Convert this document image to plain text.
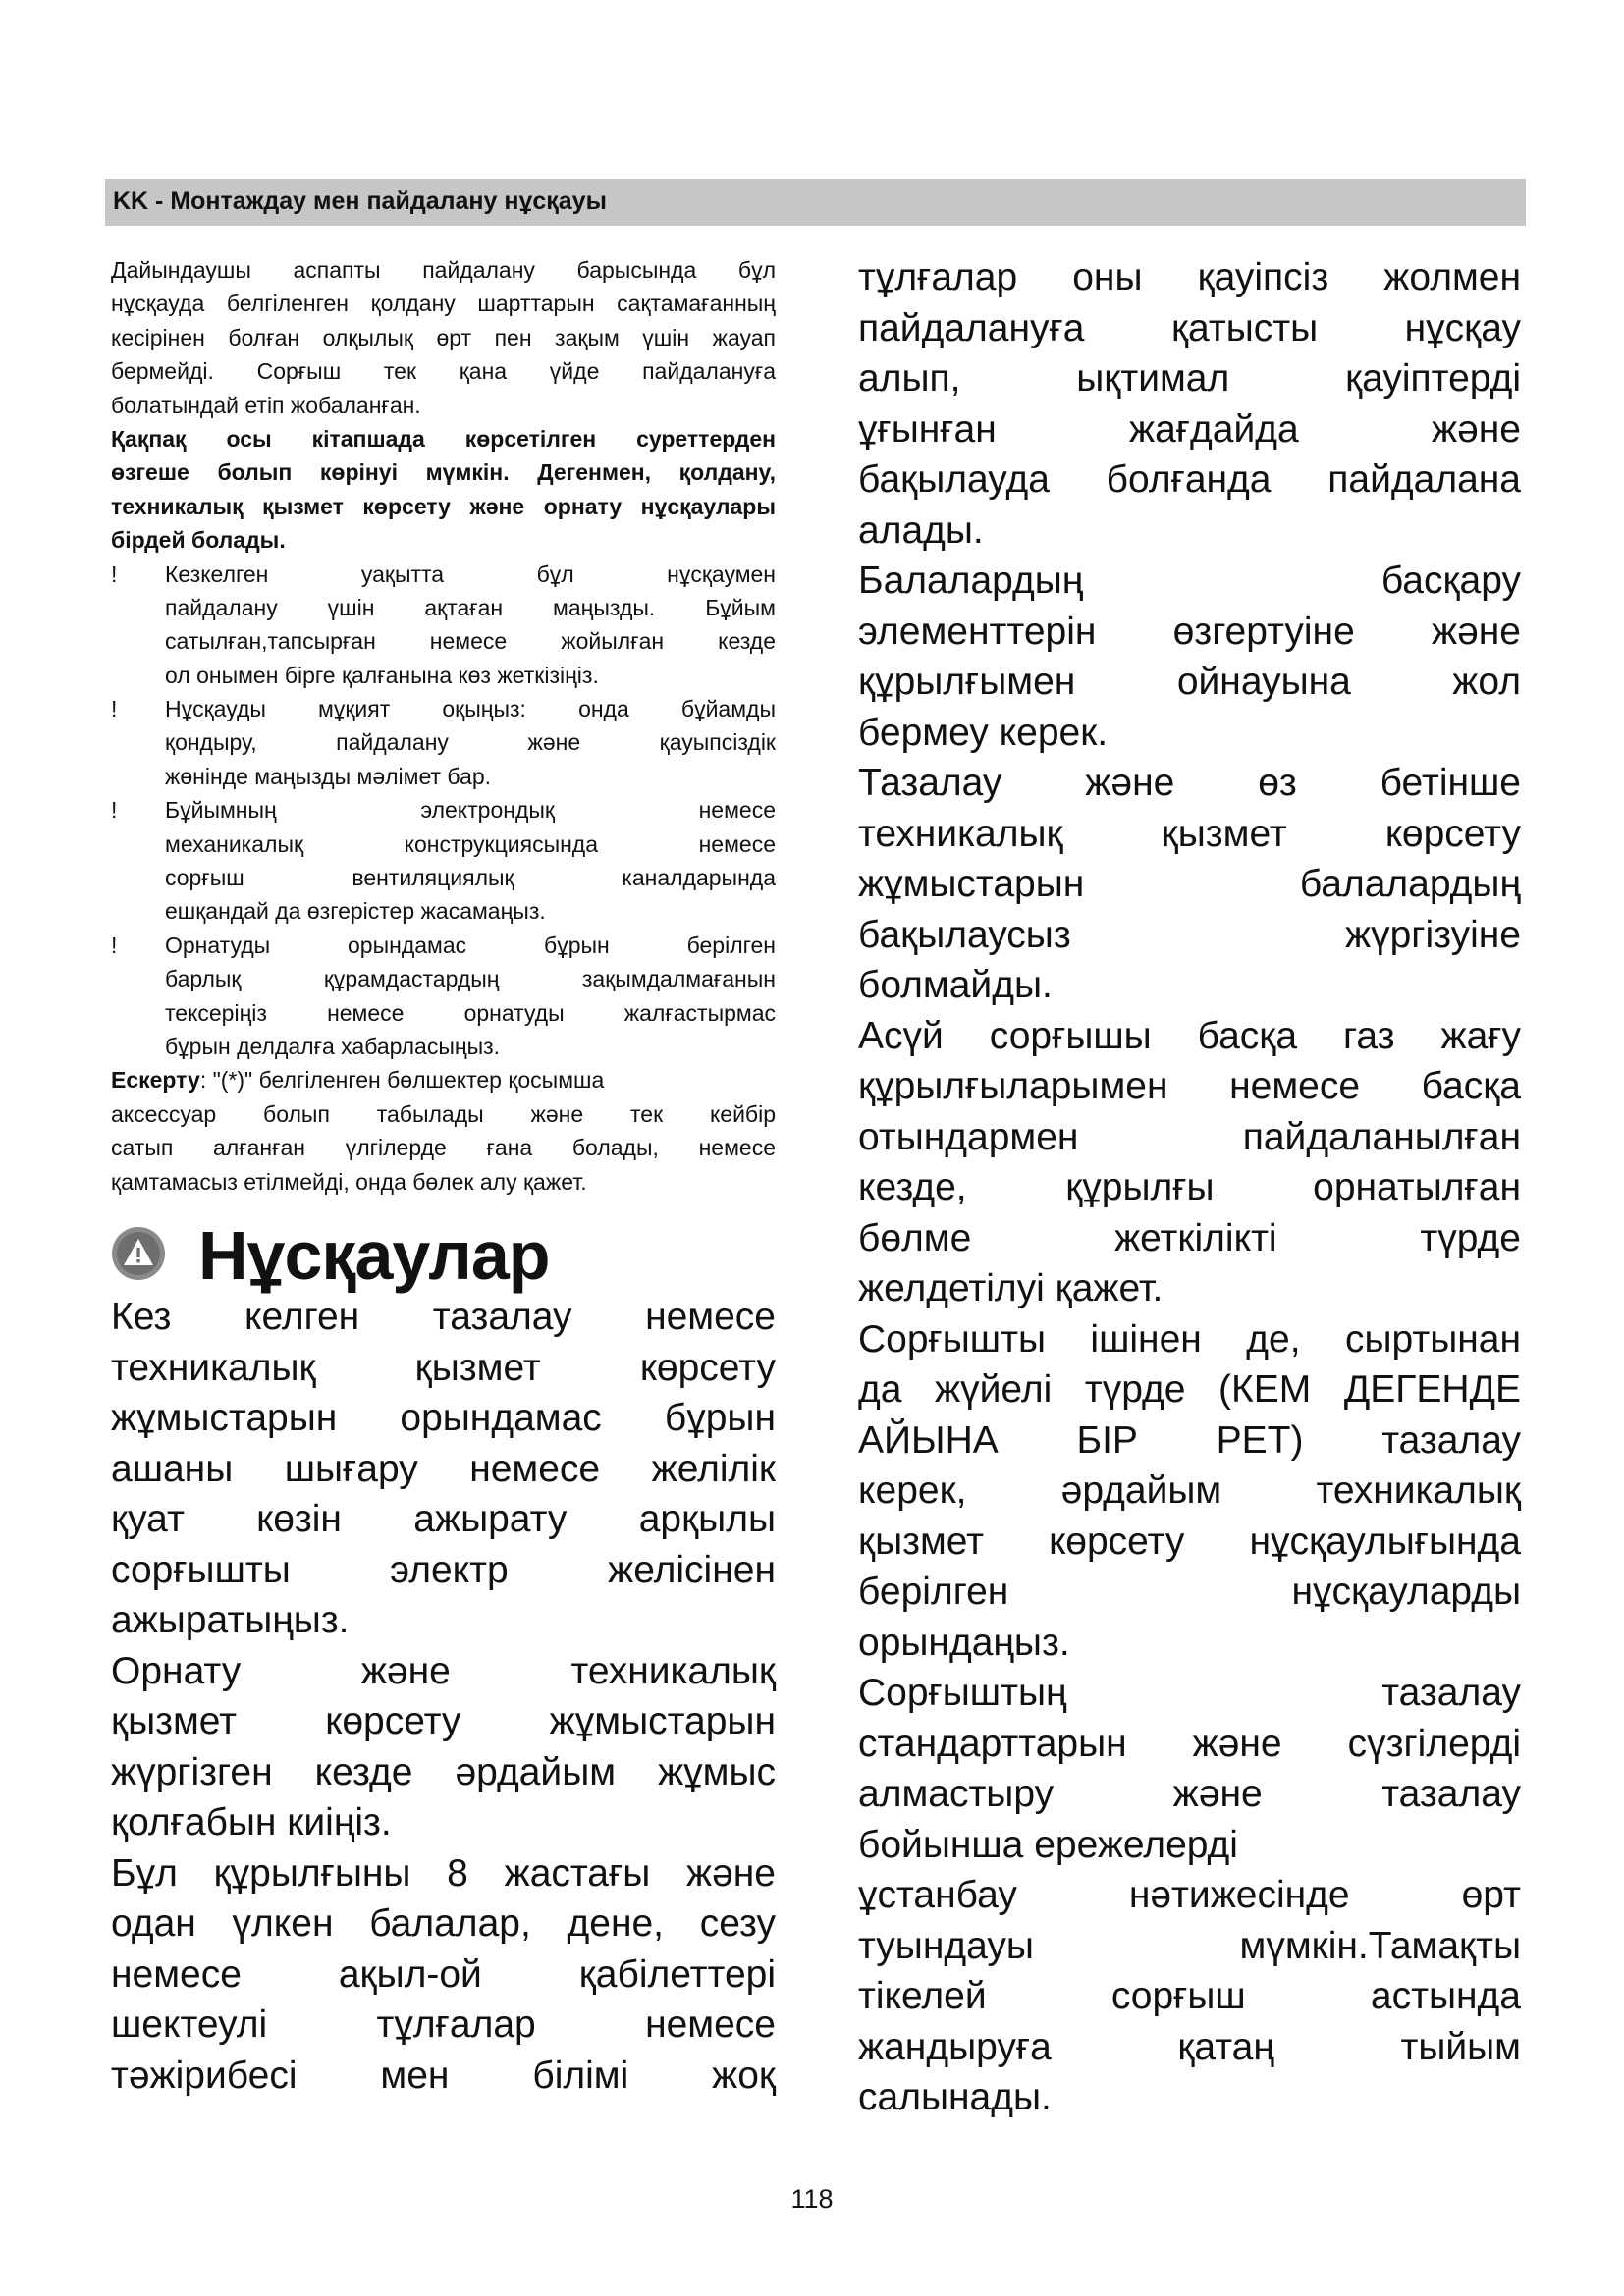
KK - Монтаждау мен пайдалану нұсқауы
Дайындаушы аспапты пайдалану барысында бұл
нұсқауда белгіленген қолдану шарттарын сақтамағанның
кесірінен болған олқылық өрт пен зақым үшін жауап
бермейді. Сорғыш тек қана үйде пайдалануға
болатындай етіп жобаланған.
Қақпақ осы кітапшада көрсетілген суреттерден
өзгеше болып көрінуі мүмкін. Дегенмен, қолдану,
техникалық қызмет көрсету және орнату нұсқаулары
бірдей болады.
!	Кезкелген уақытта бұл нұсқаумен
пайдалану үшін ақтаған маңызды. Бұйым
сатылған,тапсырған немесе жойылған кезде
ол онымен бірге қалғанына көз жеткізіңіз.
!	Нұсқауды мұқият оқыңыз: онда бұйамды
қондыру, пайдалану және қауыпсіздік
жөнінде маңызды мәлімет бар.
!	Бұйымның электрондық немесе
механикалық конструкциясында немесе
сорғыш вентиляциялық каналдарында
ешқандай да өзгерістер жасамаңыз.
!	Орнатуды орындамас бұрын берілген
барлық құрамдастардың зақымдалмағанын
тексеріңіз немесе орнатуды жалғастырмас
бұрын делдалға хабарласыңыз.
Ескерту: "(*)" белгіленген бөлшектер қосымша
аксессуар болып табылады және тек кейбір
сатып алғанған үлгілерде ғана болады, немесе
қамтамасыз етілмейді, онда бөлек алу қажет.
Нұсқаулар
Кез келген тазалау немесе
техникалық қызмет көрсету
жұмыстарын орындамас бұрын
ашаны шығару немесе желілік
қуат көзін ажырату арқылы
сорғышты электр желісінен
ажыратыңыз.
Орнату және техникалық
қызмет көрсету жұмыстарын
жүргізген кезде әрдайым жұмыс
қолғабын киіңіз.
Бұл құрылғыны 8 жастағы және
одан үлкен балалар, дене, сезу
немесе ақыл-ой қабілеттері
шектеулі тұлғалар немесе
тәжірибесі мен білімі жоқ
тұлғалар оны қауіпсіз жолмен
пайдалануға қатысты нұсқау
алып, ықтимал қауіптерді
ұғынған жағдайда және
бақылауда болғанда пайдалана
алады.
Балалардың басқару
элементтерін өзгертуіне және
құрылғымен ойнауына жол
бермеу керек.
Тазалау және өз бетінше
техникалық қызмет көрсету
жұмыстарын балалардың
бақылаусыз жүргізуіне
болмайды.
Асүй сорғышы басқа газ жағу
құрылғыларымен немесе басқа
отындармен пайдаланылған
кезде, құрылғы орнатылған
бөлме жеткілікті түрде
желдетілуі қажет.
Сорғышты ішінен де, сыртынан
да жүйелі түрде (КЕМ ДЕГЕНДЕ
АЙЫНА БІР РЕТ) тазалау
керек, әрдайым техникалық
қызмет көрсету нұсқаулығында
берілген нұсқауларды
орындаңыз.
Сорғыштың тазалау
стандарттарын және сүзгілерді
алмастыру және тазалау
бойынша ережелерді
ұстанбау нәтижесінде өрт
туындауы мүмкін.Тамақты
тікелей сорғыш астында
жандыруға қатаң тыйым
салынады.
118
